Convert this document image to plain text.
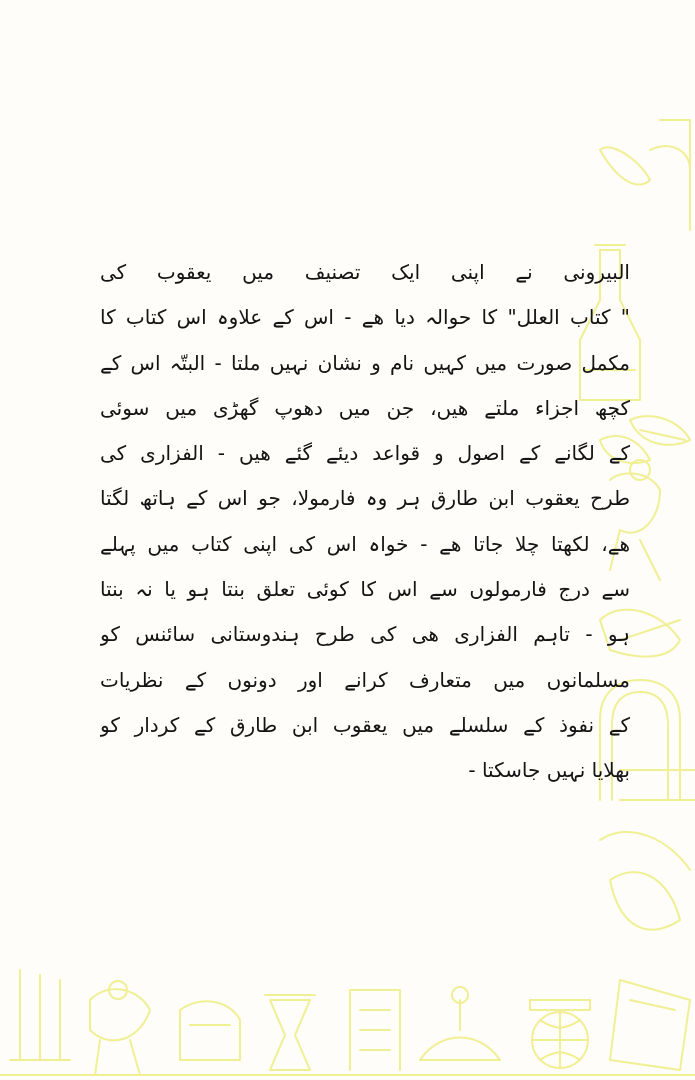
البیرونی نے اپنی ایک تصنیف میں یعقوب کی
" کتاب العلل" کا حوالہ دیا ھے - اس کے علاوہ اس کتاب کا
مکمل صورت میں کہیں نام و نشان نہیں ملتا - البتّہ اس کے
کچھ اجزاء ملتے ھیں، جن میں دھوپ گھڑی میں سوئی
کے لگانے کے اصول و قواعد دیئے گئے ھیں - الفزاری کی
طرح یعقوب ابن طارق ہر وہ فارمولا، جو اس کے ہاتھ لگتا
ھے، لکھتا چلا جاتا ھے - خواہ اس کی اپنی کتاب میں پہلے
سے درج فارمولوں سے اس کا کوئی تعلق بنتا ہو یا نہ بنتا
ہو - تاہم الفزاری ھی کی طرح ہندوستانی سائنس کو
مسلمانوں میں متعارف کرانے اور دونوں کے نظریات
کے نفوذ کے سلسلے میں یعقوب ابن طارق کے کردار کو
بھلایا نہیں جاسکتا -
